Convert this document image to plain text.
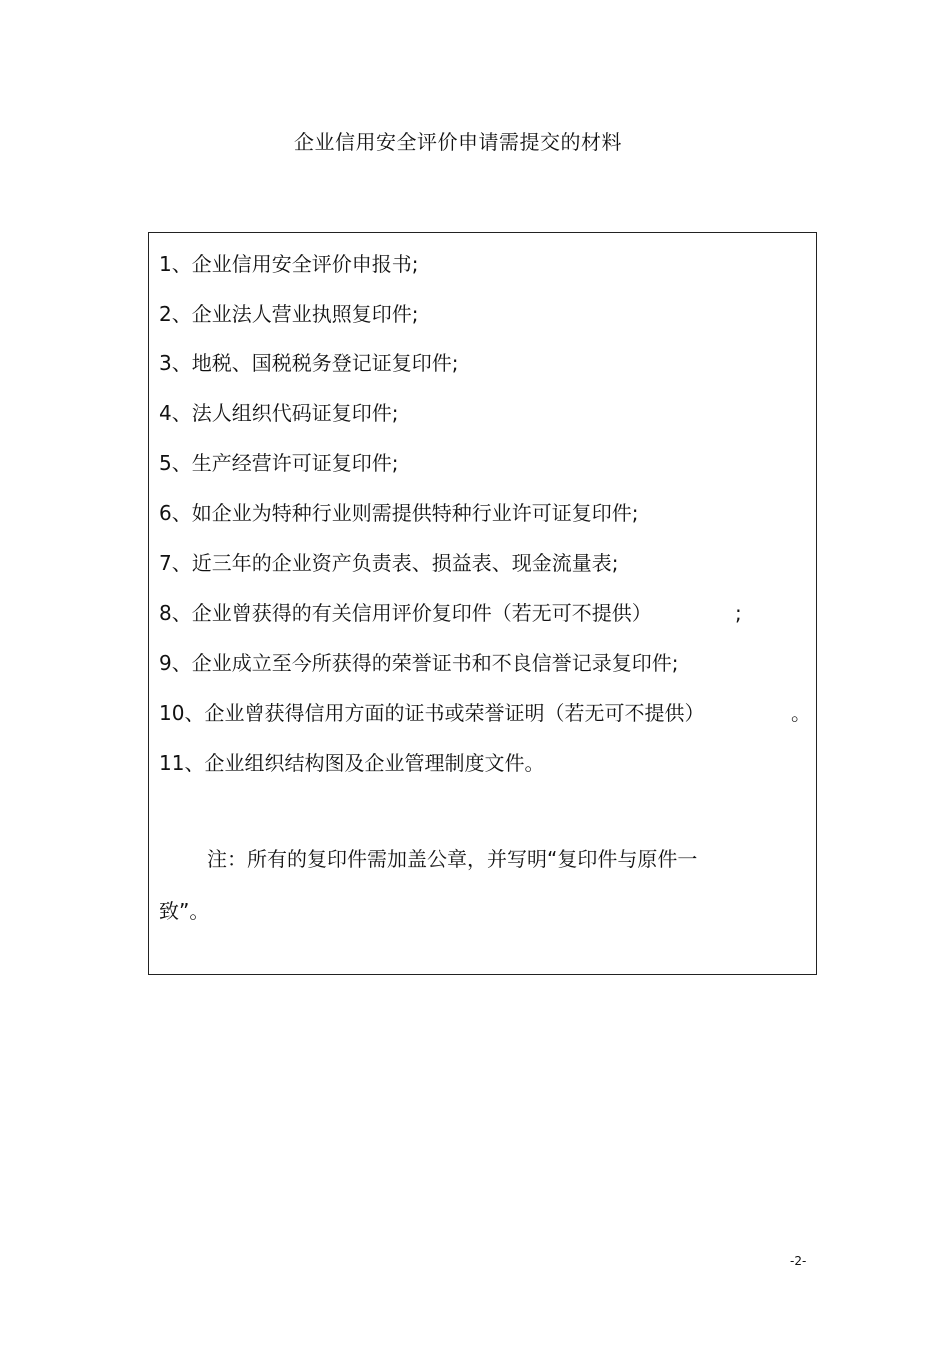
企业信用安全评价申请需提交的材料
1、企业信用安全评价申报书;
2、企业法人营业执照复印件;
3、地税、国税税务登记证复印件;
4、法人组织代码证复印件;
5、生产经营许可证复印件;
6、如企业为特种行业则需提供特种行业许可证复印件;
7、近三年的企业资产负责表、损益表、现金流量表;
8、企业曾获得的有关信用评价复印件（若无可不提供）	;
9、企业成立至今所获得的荣誉证书和不良信誉记录复印件;
10、企业曾获得信用方面的证书或荣誉证明（若无可不提供）	。
11、企业组织结构图及企业管理制度文件。
注：所有的复印件需加盖公章，并写明“复印件与原件一
致”。
-2-
